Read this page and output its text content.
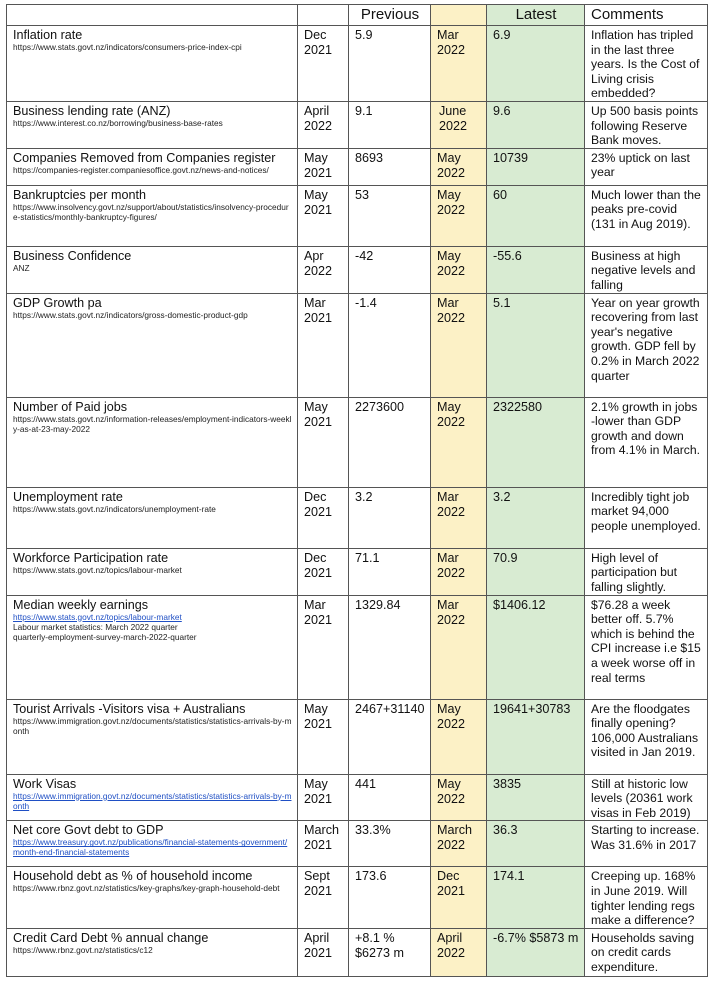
		Previous		Latest	Comments

Inflation rate
https://www.stats.govt.nz/indicators/consumers-price-index-cpi	Dec 2021	5.9	Mar 2022	6.9	Inflation has tripled in the last three years. Is the Cost of Living crisis embedded?

Business lending rate (ANZ)
https://www.interest.co.nz/borrowing/business-base-rates	April 2022	9.1	June 2022	9.6	Up 500 basis points following Reserve Bank moves.

Companies Removed from Companies register
https://companies-register.companiesoffice.govt.nz/news-and-notices/	May 2021	8693	May 2022	10739	23% uptick on last year

Bankruptcies per month
https://www.insolvency.govt.nz/support/about/statistics/insolvency-procedure-statistics/monthly-bankruptcy-figures/	May 2021	53	May 2022	60	Much lower than the peaks pre-covid (131 in Aug 2019).

Business Confidence
ANZ	Apr 2022	-42	May 2022	-55.6	Business at high negative levels and falling

GDP Growth pa
https://www.stats.govt.nz/indicators/gross-domestic-product-gdp	Mar 2021	-1.4	Mar 2022	5.1	Year on year growth recovering from last year's negative growth. GDP fell by 0.2% in March 2022 quarter

Number of Paid jobs
https://www.stats.govt.nz/information-releases/employment-indicators-weekly-as-at-23-may-2022	May 2021	2273600	May 2022	2322580	2.1% growth in jobs -lower than GDP growth and down from 4.1% in March.

Unemployment rate
https://www.stats.govt.nz/indicators/unemployment-rate	Dec 2021	3.2	Mar 2022	3.2	Incredibly tight job market 94,000 people unemployed.

Workforce Participation rate
https://www.stats.govt.nz/topics/labour-market	Dec 2021	71.1	Mar 2022	70.9	High level of participation but falling slightly.

Median weekly earnings
https://www.stats.govt.nz/topics/labour-market
Labour market statistics: March 2022 quarter
quarterly-employment-survey-march-2022-quarter	Mar 2021	1329.84	Mar 2022	$1406.12	$76.28 a week better off. 5.7% which is behind the CPI increase i.e $15 a week worse off in real terms

Tourist Arrivals -Visitors visa + Australians
https://www.immigration.govt.nz/documents/statistics/statistics-arrivals-by-month	May 2021	2467+31140	May 2022	19641+30783	Are the floodgates finally opening? 106,000 Australians visited in Jan 2019.

Work Visas
https://www.immigration.govt.nz/documents/statistics/statistics-arrivals-by-month	May 2021	441	May 2022	3835	Still at historic low levels (20361 work visas in Feb 2019)

Net core Govt debt to GDP
https://www.treasury.govt.nz/publications/financial-statements-government/month-end-financial-statements	March 2021	33.3%	March 2022	36.3	Starting to increase. Was 31.6% in 2017

Household debt as % of household income
https://www.rbnz.govt.nz/statistics/key-graphs/key-graph-household-debt	Sept 2021	173.6	Dec 2021	174.1	Creeping up. 168% in June 2019. Will tighter lending regs make a difference?

Credit Card Debt % annual change
https://www.rbnz.govt.nz/statistics/c12	April 2021	+8.1 % $6273 m	April 2022	-6.7% $5873 m	Households saving on credit cards expenditure.
